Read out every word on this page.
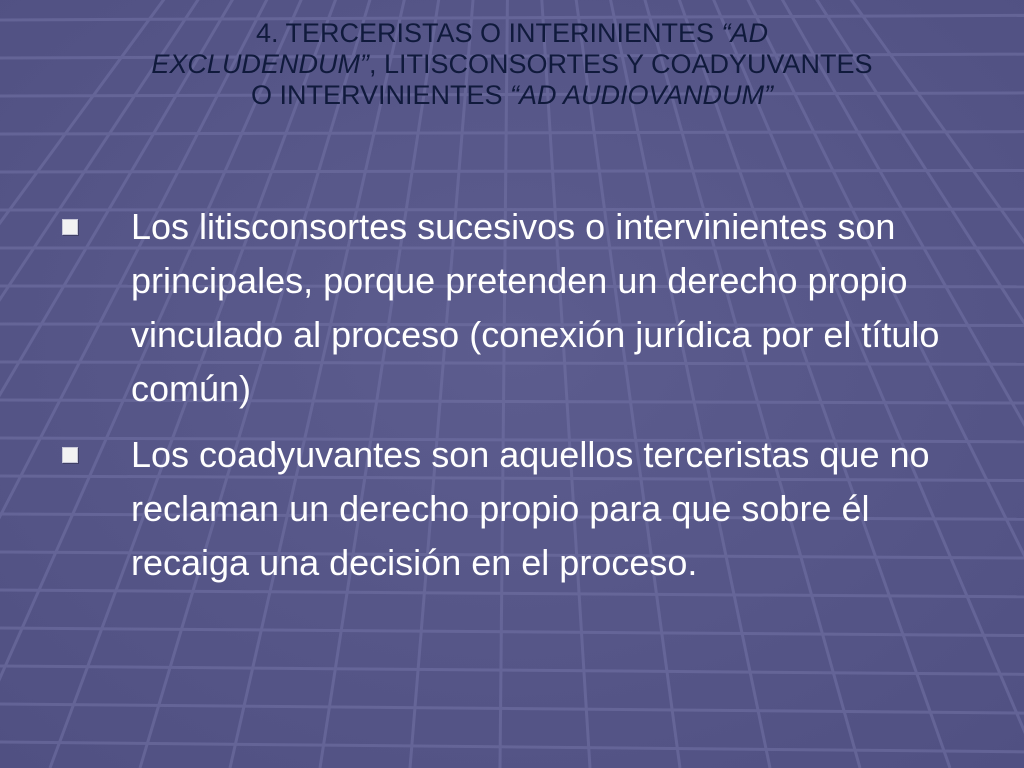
4. TERCERISTAS O INTERINIENTES “AD EXCLUDENDUM”, LITISCONSORTES Y COADYUVANTES O INTERVINIENTES “AD AUDIOVANDUM”
Los litisconsortes sucesivos o intervinientes son principales, porque pretenden un derecho propio vinculado al proceso (conexión jurídica por el título común)
Los coadyuvantes son aquellos terceristas que no reclaman un derecho propio para que sobre él recaiga una decisión en el proceso.
